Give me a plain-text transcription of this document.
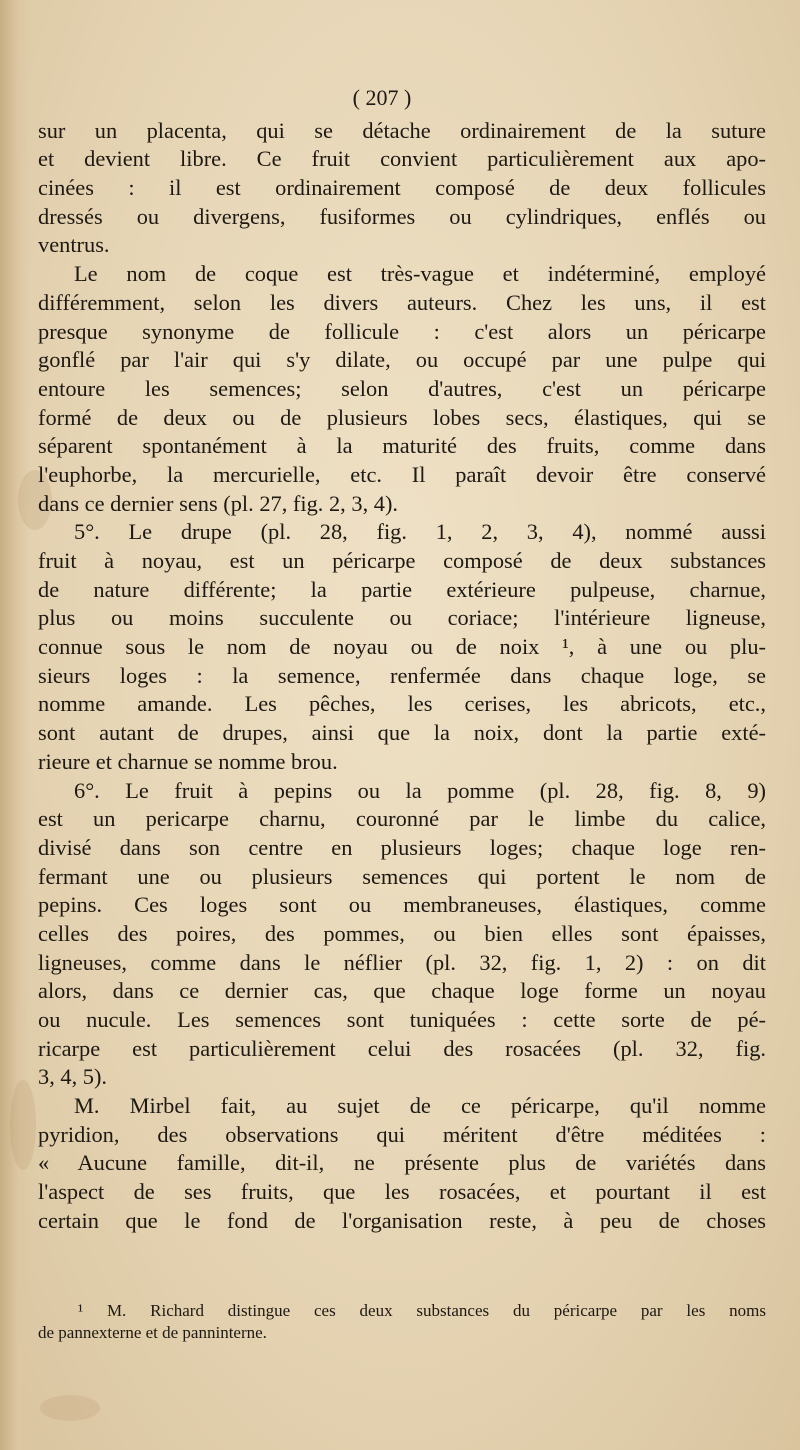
( 207 )
sur un placenta, qui se détache ordinairement de la suture
et devient libre. Ce fruit convient particulièrement aux apo-
cinées : il est ordinairement composé de deux follicules
dressés ou divergens, fusiformes ou cylindriques, enflés ou
ventrus.
Le nom de coque est très-vague et indéterminé, employé
différemment, selon les divers auteurs. Chez les uns, il est
presque synonyme de follicule : c'est alors un péricarpe
gonflé par l'air qui s'y dilate, ou occupé par une pulpe qui
entoure les semences; selon d'autres, c'est un péricarpe
formé de deux ou de plusieurs lobes secs, élastiques, qui se
séparent spontanément à la maturité des fruits, comme dans
l'euphorbe, la mercurielle, etc. Il paraît devoir être conservé
dans ce dernier sens (pl. 27, fig. 2, 3, 4).
5°. Le drupe (pl. 28, fig. 1, 2, 3, 4), nommé aussi
fruit à noyau, est un péricarpe composé de deux substances
de nature différente; la partie extérieure pulpeuse, charnue,
plus ou moins succulente ou coriace; l'intérieure ligneuse,
connue sous le nom de noyau ou de noix ¹, à une ou plu-
sieurs loges : la semence, renfermée dans chaque loge, se
nomme amande. Les pêches, les cerises, les abricots, etc.,
sont autant de drupes, ainsi que la noix, dont la partie exté-
rieure et charnue se nomme brou.
6°. Le fruit à pepins ou la pomme (pl. 28, fig. 8, 9)
est un pericarpe charnu, couronné par le limbe du calice,
divisé dans son centre en plusieurs loges; chaque loge ren-
fermant une ou plusieurs semences qui portent le nom de
pepins. Ces loges sont ou membraneuses, élastiques, comme
celles des poires, des pommes, ou bien elles sont épaisses,
ligneuses, comme dans le néflier (pl. 32, fig. 1, 2) : on dit
alors, dans ce dernier cas, que chaque loge forme un noyau
ou nucule. Les semences sont tuniquées : cette sorte de pé-
ricarpe est particulièrement celui des rosacées (pl. 32, fig.
3, 4, 5).
M. Mirbel fait, au sujet de ce péricarpe, qu'il nomme
pyridion, des observations qui méritent d'être méditées :
« Aucune famille, dit-il, ne présente plus de variétés dans
l'aspect de ses fruits, que les rosacées, et pourtant il est
certain que le fond de l'organisation reste, à peu de choses
¹ M. Richard distingue ces deux substances du péricarpe par les noms
de pannexterne et de panninterne.
